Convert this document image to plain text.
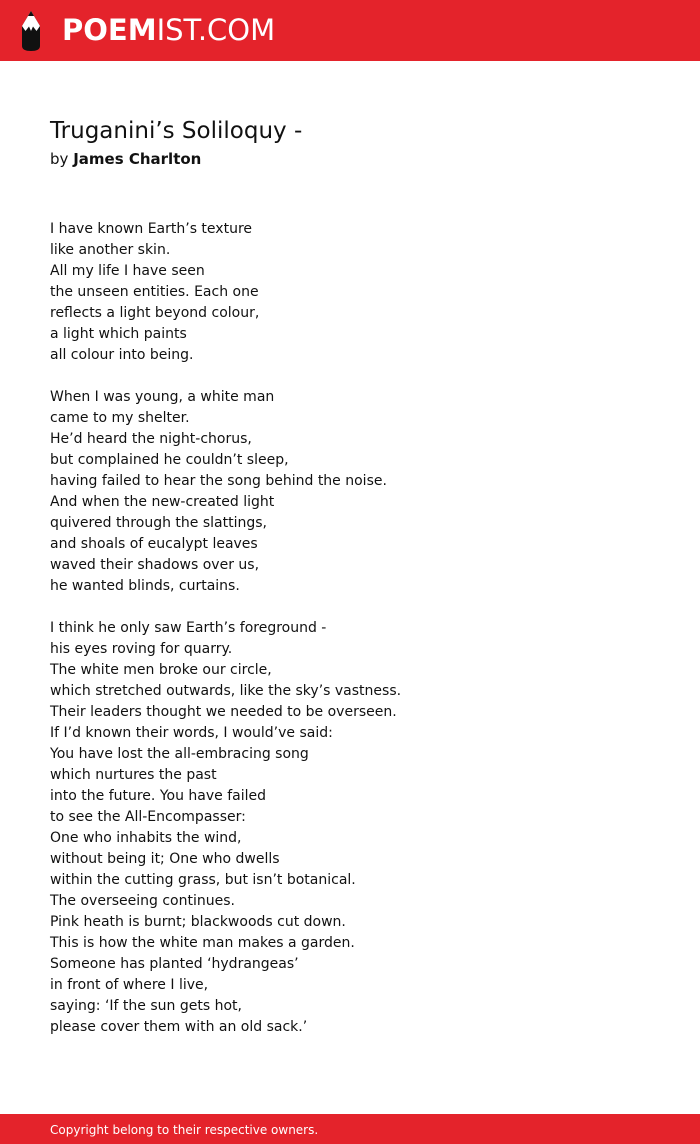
POEMIST.COM
Truganini’s Soliloquy -
by James Charlton
I have known Earth’s texture
like another skin.
All my life I have seen
the unseen entities. Each one
reflects a light beyond colour,
a light which paints
all colour into being.
When I was young, a white man
came to my shelter.
He’d heard the night-chorus,
but complained he couldn’t sleep,
having failed to hear the song behind the noise.
And when the new-created light
quivered through the slattings,
and shoals of eucalypt leaves
waved their shadows over us,
he wanted blinds, curtains.
I think he only saw Earth’s foreground -
his eyes roving for quarry.
The white men broke our circle,
which stretched outwards, like the sky’s vastness.
Their leaders thought we needed to be overseen.
If I’d known their words, I would’ve said:
You have lost the all-embracing song
which nurtures the past
into the future. You have failed
to see the All-Encompasser:
One who inhabits the wind,
without being it; One who dwells
within the cutting grass, but isn’t botanical.
The overseeing continues.
Pink heath is burnt; blackwoods cut down.
This is how the white man makes a garden.
Someone has planted ‘hydrangeas’
in front of where I live,
saying: ‘If the sun gets hot,
please cover them with an old sack.’
Copyright belong to their respective owners.
